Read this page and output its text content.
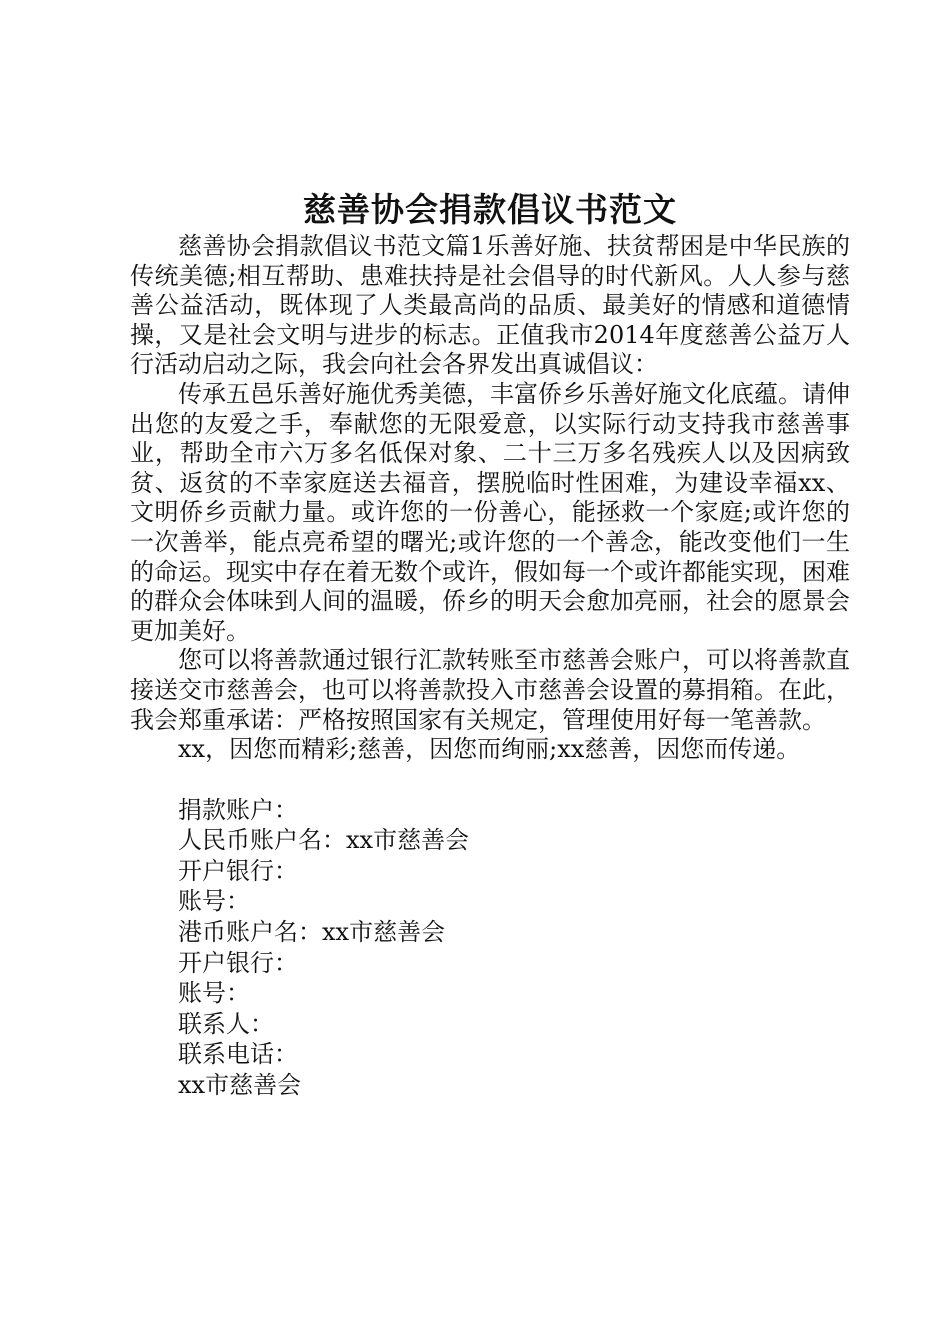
慈善协会捐款倡议书范文

慈善协会捐款倡议书范文篇1乐善好施、扶贫帮困是中华民族的传统美德;相互帮助、患难扶持是社会倡导的时代新风。人人参与慈善公益活动，既体现了人类最高尚的品质、最美好的情感和道德情操，又是社会文明与进步的标志。正值我市2014年度慈善公益万人行活动启动之际，我会向社会各界发出真诚倡议：

传承五邑乐善好施优秀美德，丰富侨乡乐善好施文化底蕴。请伸出您的友爱之手，奉献您的无限爱意，以实际行动支持我市慈善事业，帮助全市六万多名低保对象、二十三万多名残疾人以及因病致贫、返贫的不幸家庭送去福音，摆脱临时性困难，为建设幸福xx、文明侨乡贡献力量。或许您的一份善心，能拯救一个家庭;或许您的一次善举，能点亮希望的曙光;或许您的一个善念，能改变他们一生的命运。现实中存在着无数个或许，假如每一个或许都能实现，困难的群众会体味到人间的温暖，侨乡的明天会愈加亮丽，社会的愿景会更加美好。

您可以将善款通过银行汇款转账至市慈善会账户，可以将善款直接送交市慈善会，也可以将善款投入市慈善会设置的募捐箱。在此，我会郑重承诺：严格按照国家有关规定，管理使用好每一笔善款。

xx，因您而精彩;慈善，因您而绚丽;xx慈善，因您而传递。

捐款账户：

人民币账户名：xx市慈善会

开户银行：

账号：

港币账户名：xx市慈善会

开户银行：

账号：

联系人：

联系电话：

xx市慈善会
